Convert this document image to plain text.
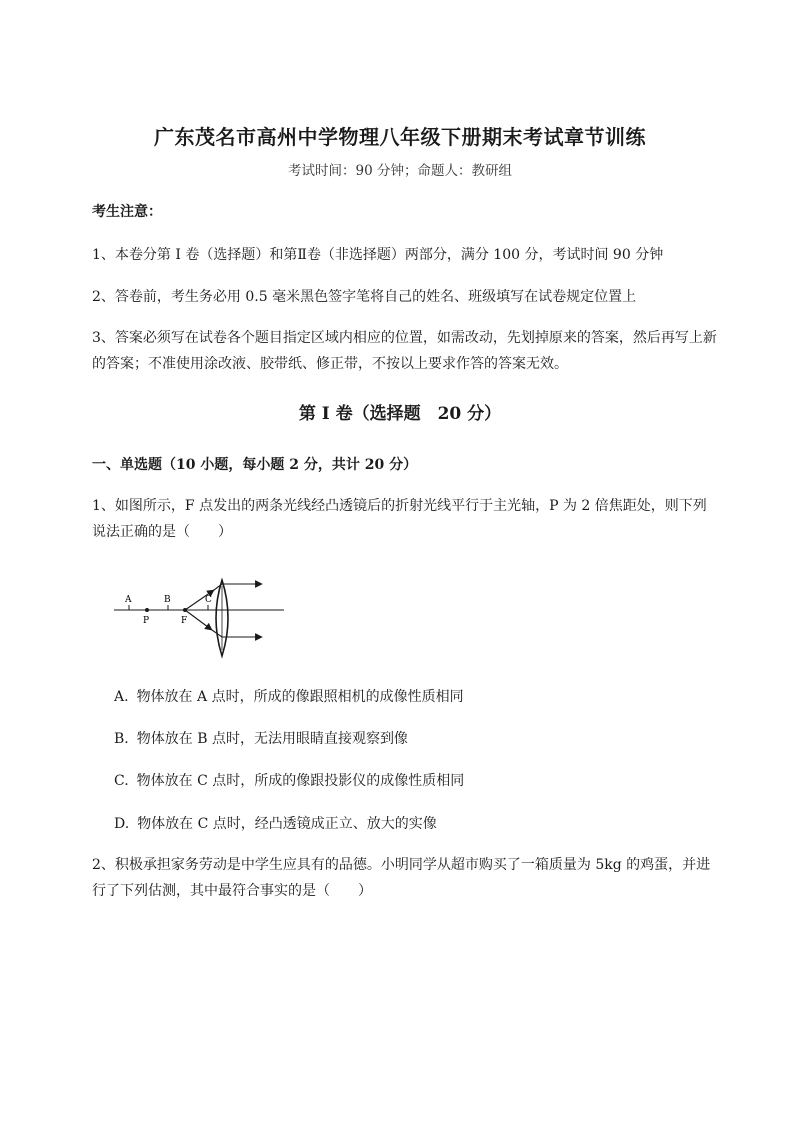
广东茂名市高州中学物理八年级下册期末考试章节训练
考试时间：90 分钟；命题人：教研组
考生注意：
1、本卷分第 I 卷（选择题）和第Ⅱ卷（非选择题）两部分，满分 100 分，考试时间 90 分钟
2、答卷前，考生务必用 0.5 毫米黑色签字笔将自己的姓名、班级填写在试卷规定位置上
3、答案必须写在试卷各个题目指定区域内相应的位置，如需改动，先划掉原来的答案，然后再写上新的答案；不准使用涂改液、胶带纸、修正带，不按以上要求作答的答案无效。
第 I 卷（选择题　20 分）
一、单选题（10 小题，每小题 2 分，共计 20 分）
1、如图所示，F 点发出的两条光线经凸透镜后的折射光线平行于主光轴，P 为 2 倍焦距处，则下列说法正确的是（　　）
A	B	C
P	F
A. 物体放在 A 点时，所成的像跟照相机的成像性质相同
B. 物体放在 B 点时，无法用眼睛直接观察到像
C. 物体放在 C 点时，所成的像跟投影仪的成像性质相同
D. 物体放在 C 点时，经凸透镜成正立、放大的实像
2、积极承担家务劳动是中学生应具有的品德。小明同学从超市购买了一箱质量为 5kg 的鸡蛋，并进行了下列估测，其中最符合事实的是（　　）
